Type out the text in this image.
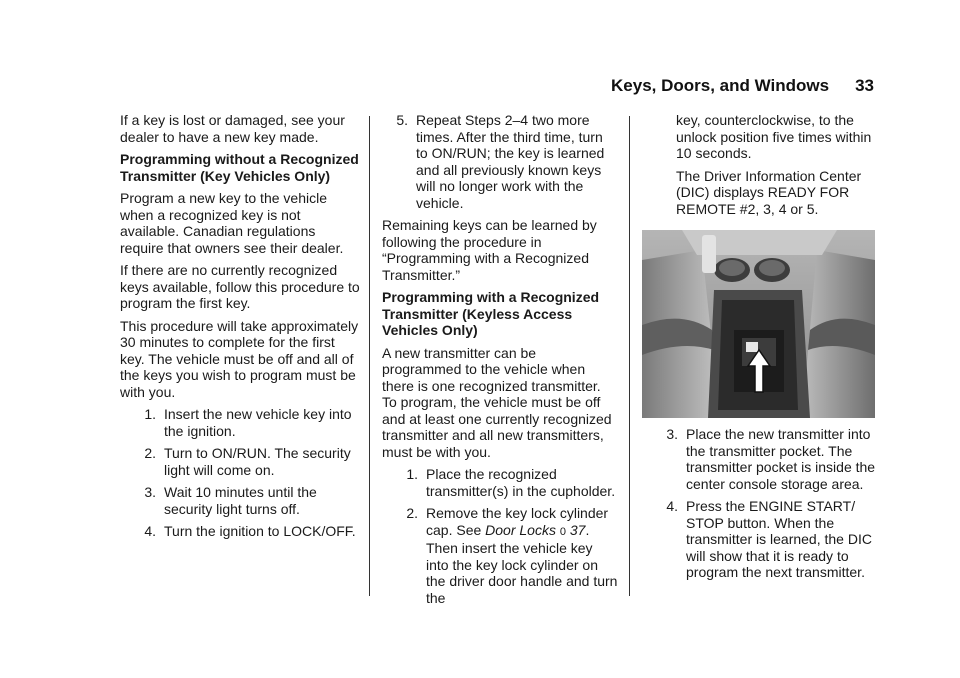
Keys, Doors, and Windows 33

If a key is lost or damaged, see your dealer to have a new key made.

Programming without a Recognized Transmitter (Key Vehicles Only)

Program a new key to the vehicle when a recognized key is not available. Canadian regulations require that owners see their dealer.

If there are no currently recognized keys available, follow this procedure to program the first key.

This procedure will take approximately 30 minutes to complete for the first key. The vehicle must be off and all of the keys you wish to program must be with you.

1. Insert the new vehicle key into the ignition.
2. Turn to ON/RUN. The security light will come on.
3. Wait 10 minutes until the security light turns off.
4. Turn the ignition to LOCK/OFF.
5. Repeat Steps 2–4 two more times. After the third time, turn to ON/RUN; the key is learned and all previously known keys will no longer work with the vehicle.

Remaining keys can be learned by following the procedure in “Programming with a Recognized Transmitter.”

Programming with a Recognized Transmitter (Keyless Access Vehicles Only)

A new transmitter can be programmed to the vehicle when there is one recognized transmitter. To program, the vehicle must be off and at least one currently recognized transmitter and all new transmitters, must be with you.

1. Place the recognized transmitter(s) in the cupholder.
2. Remove the key lock cylinder cap. See Door Locks 0 37. Then insert the vehicle key into the key lock cylinder on the driver door handle and turn the

key, counterclockwise, to the unlock position five times within 10 seconds.

The Driver Information Center (DIC) displays READY FOR REMOTE #2, 3, 4 or 5.

3. Place the new transmitter into the transmitter pocket. The transmitter pocket is inside the center console storage area.
4. Press the ENGINE START/ STOP button. When the transmitter is learned, the DIC will show that it is ready to program the next transmitter.
